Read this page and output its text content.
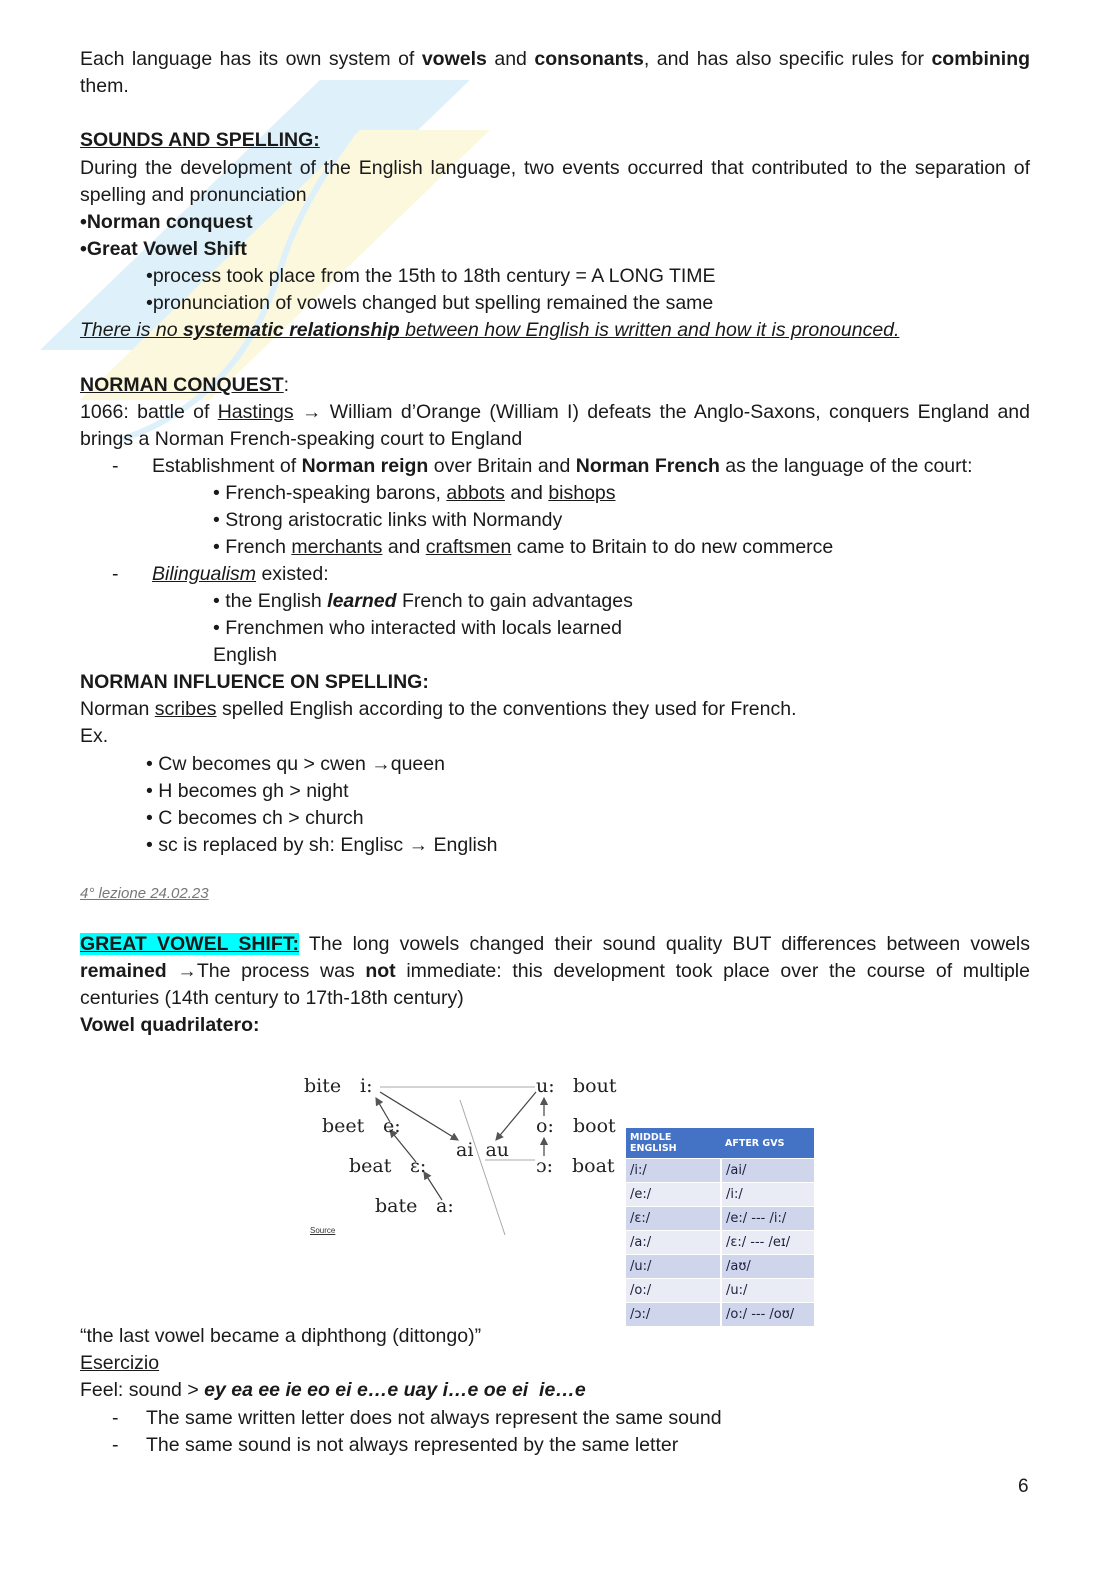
Each language has its own system of vowels and consonants, and has also specific rules for combining them.
SOUNDS AND SPELLING:
During the development of the English language, two events occurred that contributed to the separation of spelling and pronunciation
•Norman conquest
•Great Vowel Shift
•process took place from the 15th to 18th century = A LONG TIME
•pronunciation of vowels changed but spelling remained the same
There is no systematic relationship between how English is written and how it is pronounced.
NORMAN CONQUEST:
1066: battle of Hastings → William d’Orange (William I) defeats the Anglo-Saxons, conquers England and brings a Norman French-speaking court to England
- Establishment of Norman reign over Britain and Norman French as the language of the court:
• French-speaking barons, abbots and bishops
• Strong aristocratic links with Normandy
• French merchants and craftsmen came to Britain to do new commerce
- Bilingualism existed:
• the English learned French to gain advantages
• Frenchmen who interacted with locals learned
English
NORMAN INFLUENCE ON SPELLING:
Norman scribes spelled English according to the conventions they used for French.
Ex.
• Cw becomes qu > cwen →queen
• H becomes gh > night
• C becomes ch > church
• sc is replaced by sh: Englisc → English
4° lezione 24.02.23
GREAT VOWEL SHIFT: The long vowels changed their sound quality BUT differences between vowels remained →The process was not immediate: this development took place over the course of multiple centuries (14th century to 17th-18th century)
Vowel quadrilatero:
bite
beet
beat
bate
bout
boot
boat
i:
e:
ɛ:
a:
u:
o:
ɔ:
ai  au
Source
MIDDLE ENGLISH	AFTER GVS
/i:/	/ai/
/e:/	/i:/
/ɛ:/	/e:/ --- /i:/
/a:/	/ɛ:/ --- /eɪ/
/u:/	/aʊ/
/o:/	/u:/
/ɔ:/	/o:/ --- /oʊ/
“the last vowel became a diphthong (dittongo)”
Esercizio
Feel: sound > ey ea ee ie eo ei e…e uay i…e oe ei  ie…e
- The same written letter does not always represent the same sound
- The same sound is not always represented by the same letter
6
